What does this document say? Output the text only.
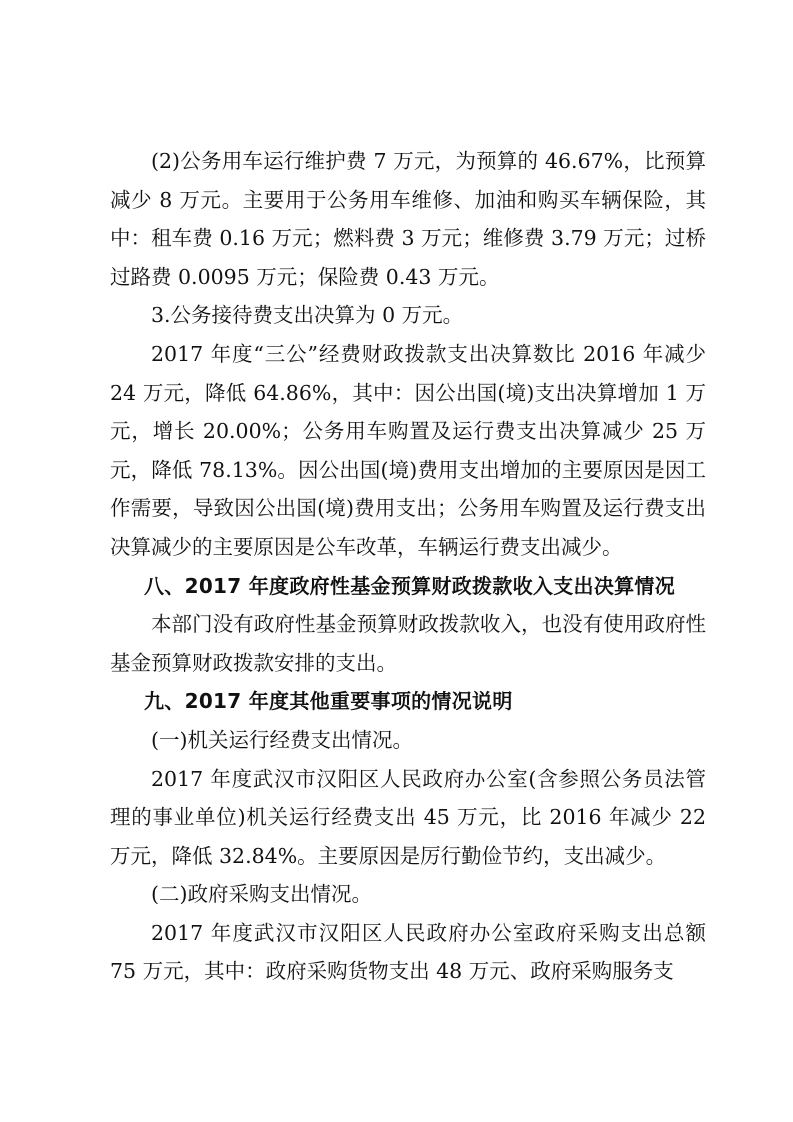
(2)公务用车运行维护费 7 万元，为预算的 46.67%，比预算减少 8 万元。主要用于公务用车维修、加油和购买车辆保险，其中：租车费 0.16 万元；燃料费 3 万元；维修费 3.79 万元；过桥过路费 0.0095 万元；保险费 0.43 万元。

3.公务接待费支出决算为 0 万元。

2017 年度“三公”经费财政拨款支出决算数比 2016 年减少 24 万元，降低 64.86%，其中：因公出国(境)支出决算增加 1 万元，增长 20.00%；公务用车购置及运行费支出决算减少 25 万元，降低 78.13%。因公出国(境)费用支出增加的主要原因是因工作需要，导致因公出国(境)费用支出；公务用车购置及运行费支出决算减少的主要原因是公车改革，车辆运行费支出减少。

八、2017 年度政府性基金预算财政拨款收入支出决算情况

本部门没有政府性基金预算财政拨款收入，也没有使用政府性基金预算财政拨款安排的支出。

九、2017 年度其他重要事项的情况说明

(一)机关运行经费支出情况。

2017 年度武汉市汉阳区人民政府办公室(含参照公务员法管理的事业单位)机关运行经费支出 45 万元，比 2016 年减少 22 万元，降低 32.84%。主要原因是厉行勤俭节约，支出减少。

(二)政府采购支出情况。

2017 年度武汉市汉阳区人民政府办公室政府采购支出总额 75 万元，其中：政府采购货物支出 48 万元、政府采购服务支
